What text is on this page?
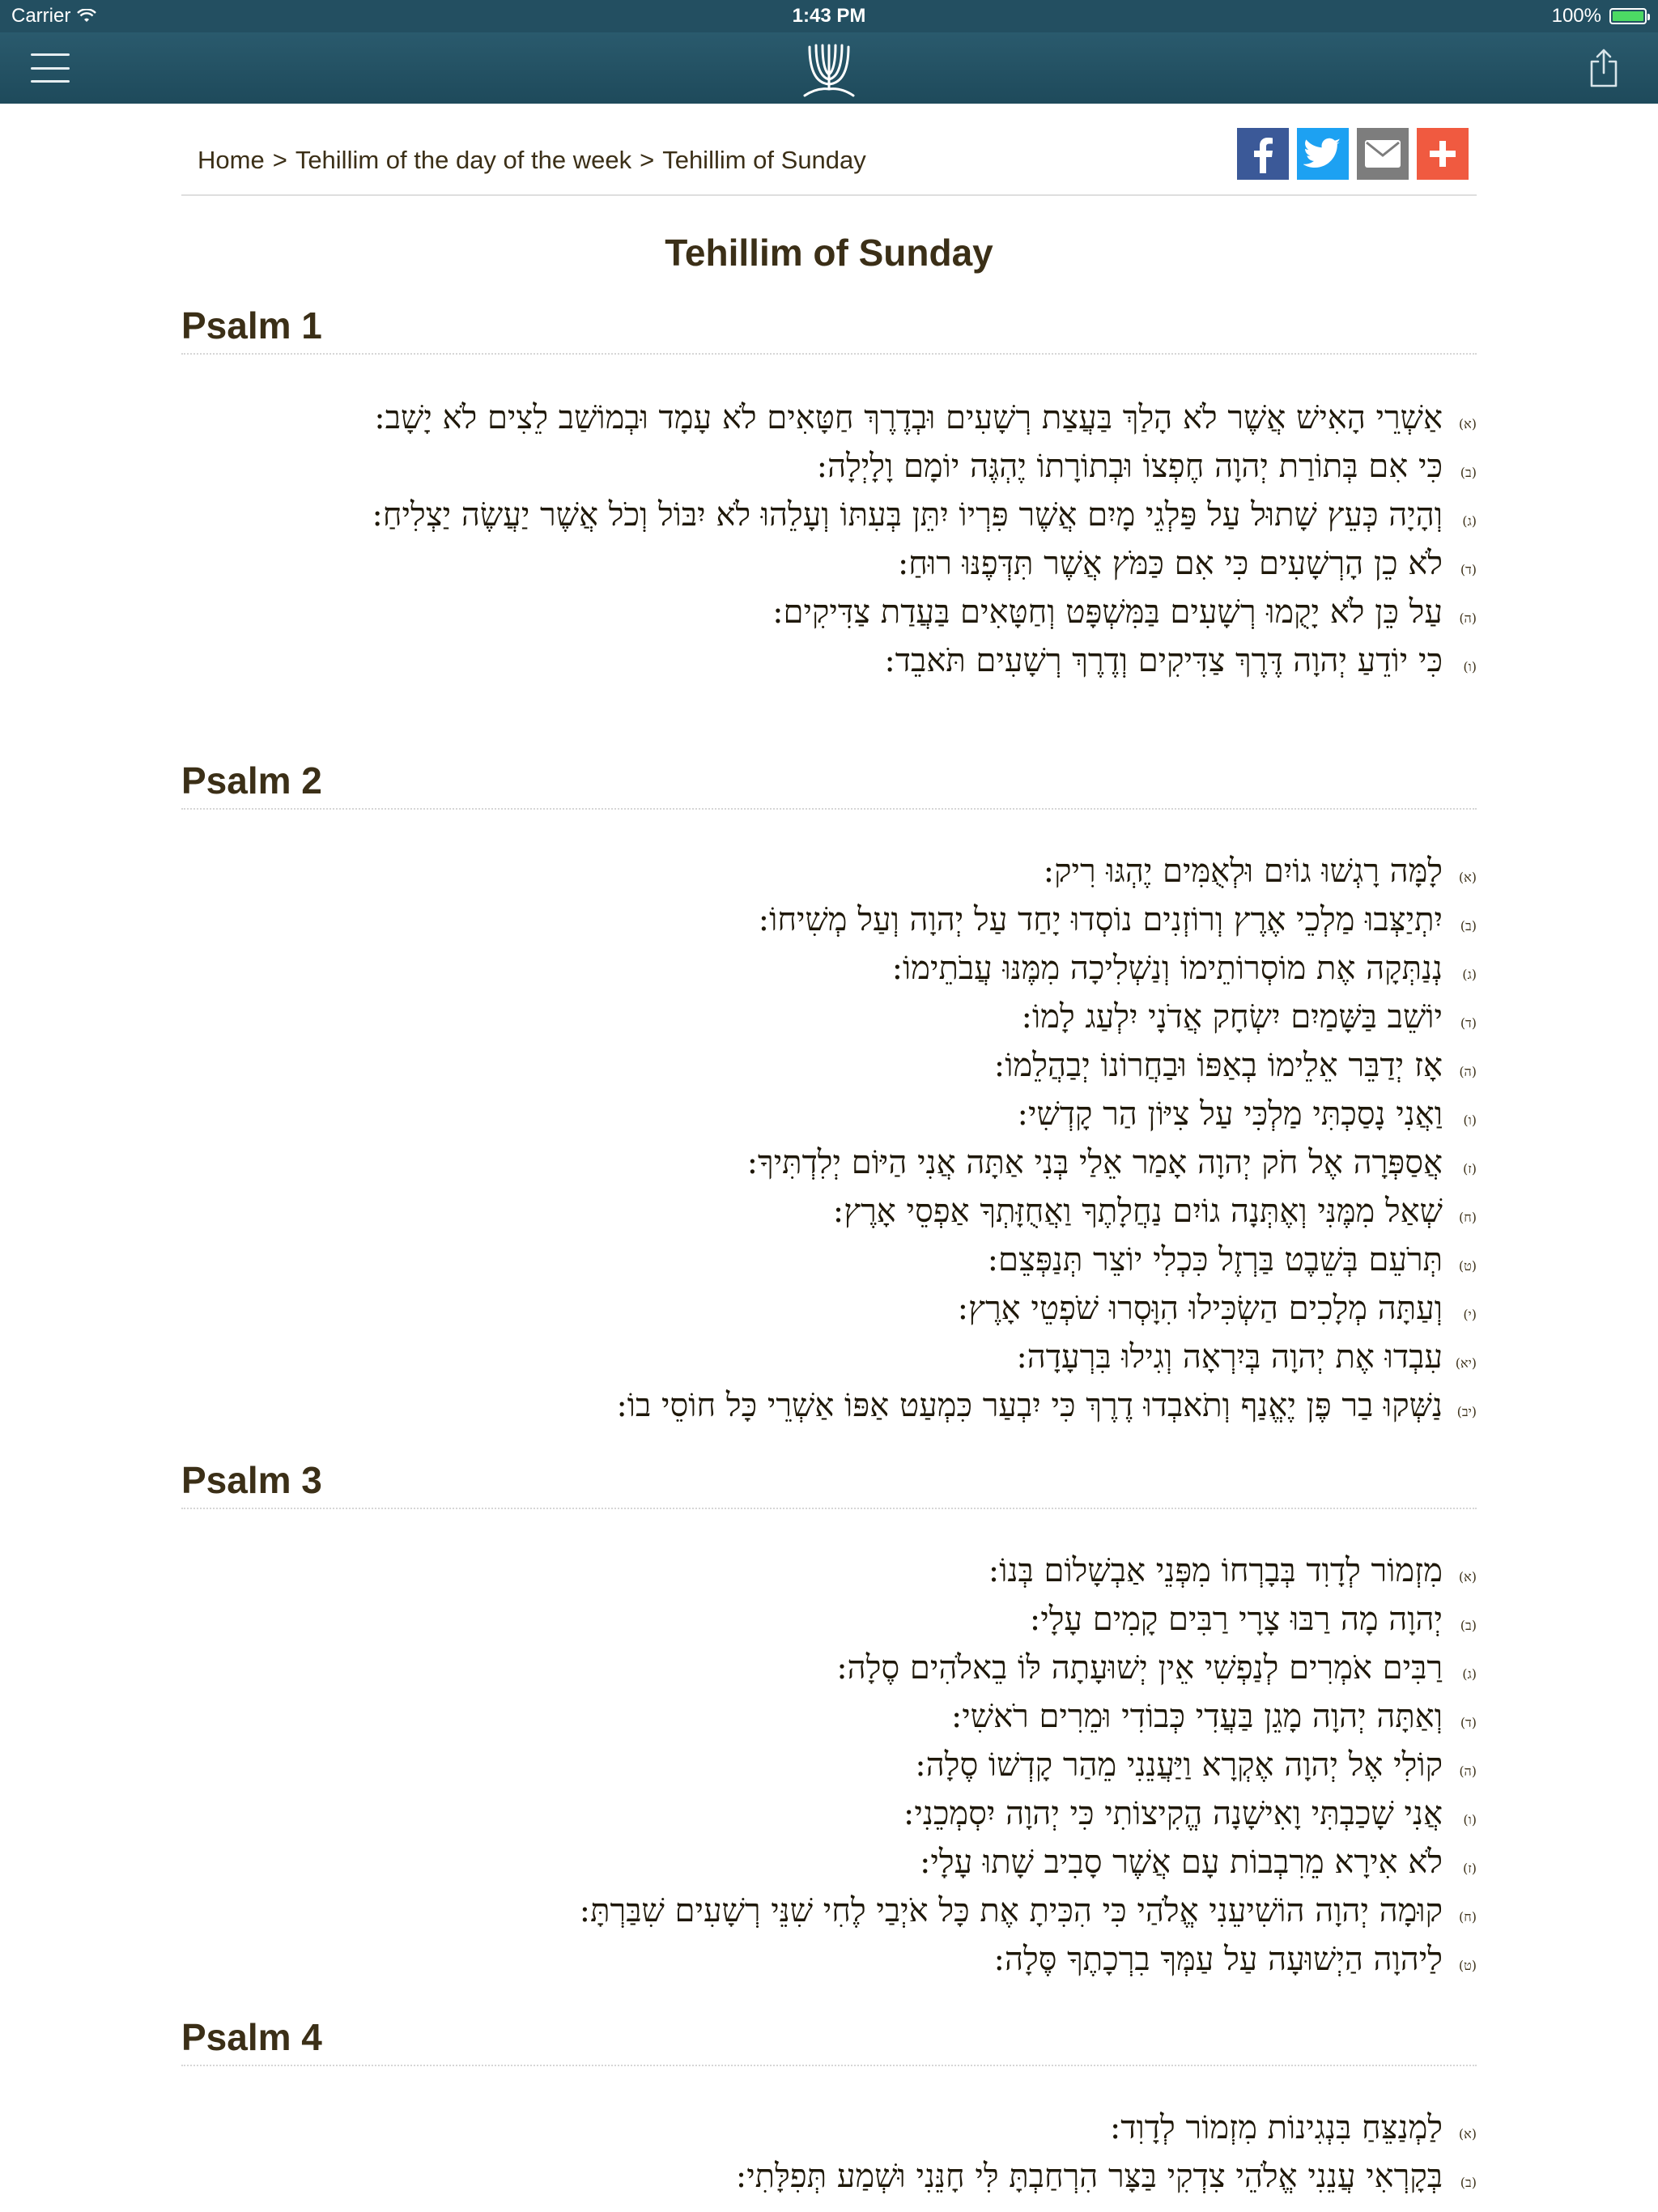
Carrier	1:43 PM	100%
Home > Tehillim of the day of the week > Tehillim of Sunday
Tehillim of Sunday
Psalm 1
(א)
אַשְׁרֵי הָאִישׁ אֲשֶׁר לֹא הָלַךְ בַּעֲצַת רְשָׁעִים וּבְדֶרֶךְ חַטָּאִים לֹא עָמָד וּבְמוֹשַׁב לֵצִים לֹא יָשָׁב:
(ב)
כִּי אִם בְּתוֹרַת יְהוָה חֶפְצוֹ וּבְתוֹרָתוֹ יֶהְגֶּה יוֹמָם וָלָיְלָה:
(ג)
וְהָיָה כְּעֵץ שָׁתוּל עַל פַּלְגֵי מָיִם אֲשֶׁר פִּרְיוֹ יִתֵּן בְּעִתּוֹ וְעָלֵהוּ לֹא יִבּוֹל וְכֹל אֲשֶׁר יַעֲשֶׂה יַצְלִיחַ:
(ד)
לֹא כֵן הָרְשָׁעִים כִּי אִם כַּמֹּץ אֲשֶׁר תִּדְּפֶנּוּ רוּחַ:
(ה)
עַל כֵּן לֹא יָקֻמוּ רְשָׁעִים בַּמִּשְׁפָּט וְחַטָּאִים בַּעֲדַת צַדִּיקִים:
(ו)
כִּי יוֹדֵעַ יְהוָה דֶּרֶךְ צַדִּיקִים וְדֶרֶךְ רְשָׁעִים תֹּאבֵד:
Psalm 2
(א)
לָמָּה רָגְשׁוּ גוֹיִם וּלְאֻמִּים יֶהְגּוּ רִיק:
(ב)
יִתְיַצְּבוּ מַלְכֵי אֶרֶץ וְרוֹזְנִים נוֹסְדוּ יָחַד עַל יְהוָה וְעַל מְשִׁיחוֹ:
(ג)
נְנַתְּקָה אֶת מוֹסְרוֹתֵימוֹ וְנַשְׁלִיכָה מִמֶּנּוּ עֲבֹתֵימוֹ:
(ד)
יוֹשֵׁב בַּשָּׁמַיִם יִשְׂחָק אֲדֹנָי יִלְעַג לָמוֹ:
(ה)
אָז יְדַבֵּר אֵלֵימוֹ בְאַפּוֹ וּבַחֲרוֹנוֹ יְבַהֲלֵמוֹ:
(ו)
וַאֲנִי נָסַכְתִּי מַלְכִּי עַל צִיּוֹן הַר קָדְשִׁי:
(ז)
אֲסַפְּרָה אֶל חֹק יְהוָה אָמַר אֵלַי בְּנִי אַתָּה אֲנִי הַיּוֹם יְלִדְתִּיךָ:
(ח)
שְׁאַל מִמֶּנִּי וְאֶתְּנָה גוֹיִם נַחֲלָתֶךָ וַאֲחֻזָּתְךָ אַפְסֵי אָרֶץ:
(ט)
תְּרֹעֵם בְּשֵׁבֶט בַּרְזֶל כִּכְלִי יוֹצֵר תְּנַפְּצֵם:
(י)
וְעַתָּה מְלָכִים הַשְׂכִּילוּ הִוָּסְרוּ שֹׁפְטֵי אָרֶץ:
(יא)
עִבְדוּ אֶת יְהוָה בְּיִרְאָה וְגִילוּ בִּרְעָדָה:
(יב)
נַשְּׁקוּ בַר פֶּן יֶאֱנַף וְתֹאבְדוּ דֶרֶךְ כִּי יִבְעַר כִּמְעַט אַפּוֹ אַשְׁרֵי כָּל חוֹסֵי בוֹ:
Psalm 3
(א)
מִזְמוֹר לְדָוִד בְּבָרְחוֹ מִפְּנֵי אַבְשָׁלוֹם בְּנוֹ:
(ב)
יְהוָה מָה רַבּוּ צָרָי רַבִּים קָמִים עָלָי:
(ג)
רַבִּים אֹמְרִים לְנַפְשִׁי אֵין יְשׁוּעָתָה לּוֹ בֵאלֹהִים סֶלָה:
(ד)
וְאַתָּה יְהוָה מָגֵן בַּעֲדִי כְּבוֹדִי וּמֵרִים רֹאשִׁי:
(ה)
קוֹלִי אֶל יְהוָה אֶקְרָא וַיַּעֲנֵנִי מֵהַר קָדְשׁוֹ סֶלָה:
(ו)
אֲנִי שָׁכַבְתִּי וָאִישָׁנָה הֱקִיצוֹתִי כִּי יְהוָה יִסְמְכֵנִי:
(ז)
לֹא אִירָא מֵרִבְבוֹת עָם אֲשֶׁר סָבִיב שָׁתוּ עָלָי:
(ח)
קוּמָה יְהוָה הוֹשִׁיעֵנִי אֱלֹהַי כִּי הִכִּיתָ אֶת כָּל אֹיְבַי לֶחִי שִׁנֵּי רְשָׁעִים שִׁבַּרְתָּ:
(ט)
לַיהוָה הַיְשׁוּעָה עַל עַמְּךָ בִרְכָתֶךָ סֶּלָה:
Psalm 4
(א)
לַמְנַצֵּחַ בִּנְגִינוֹת מִזְמוֹר לְדָוִד:
(ב)
בְּקָרְאִי עֲנֵנִי אֱלֹהֵי צִדְקִי בַּצָּר הִרְחַבְתָּ לִּי חָנֵּנִי וּשְׁמַע תְּפִלָּתִי:
